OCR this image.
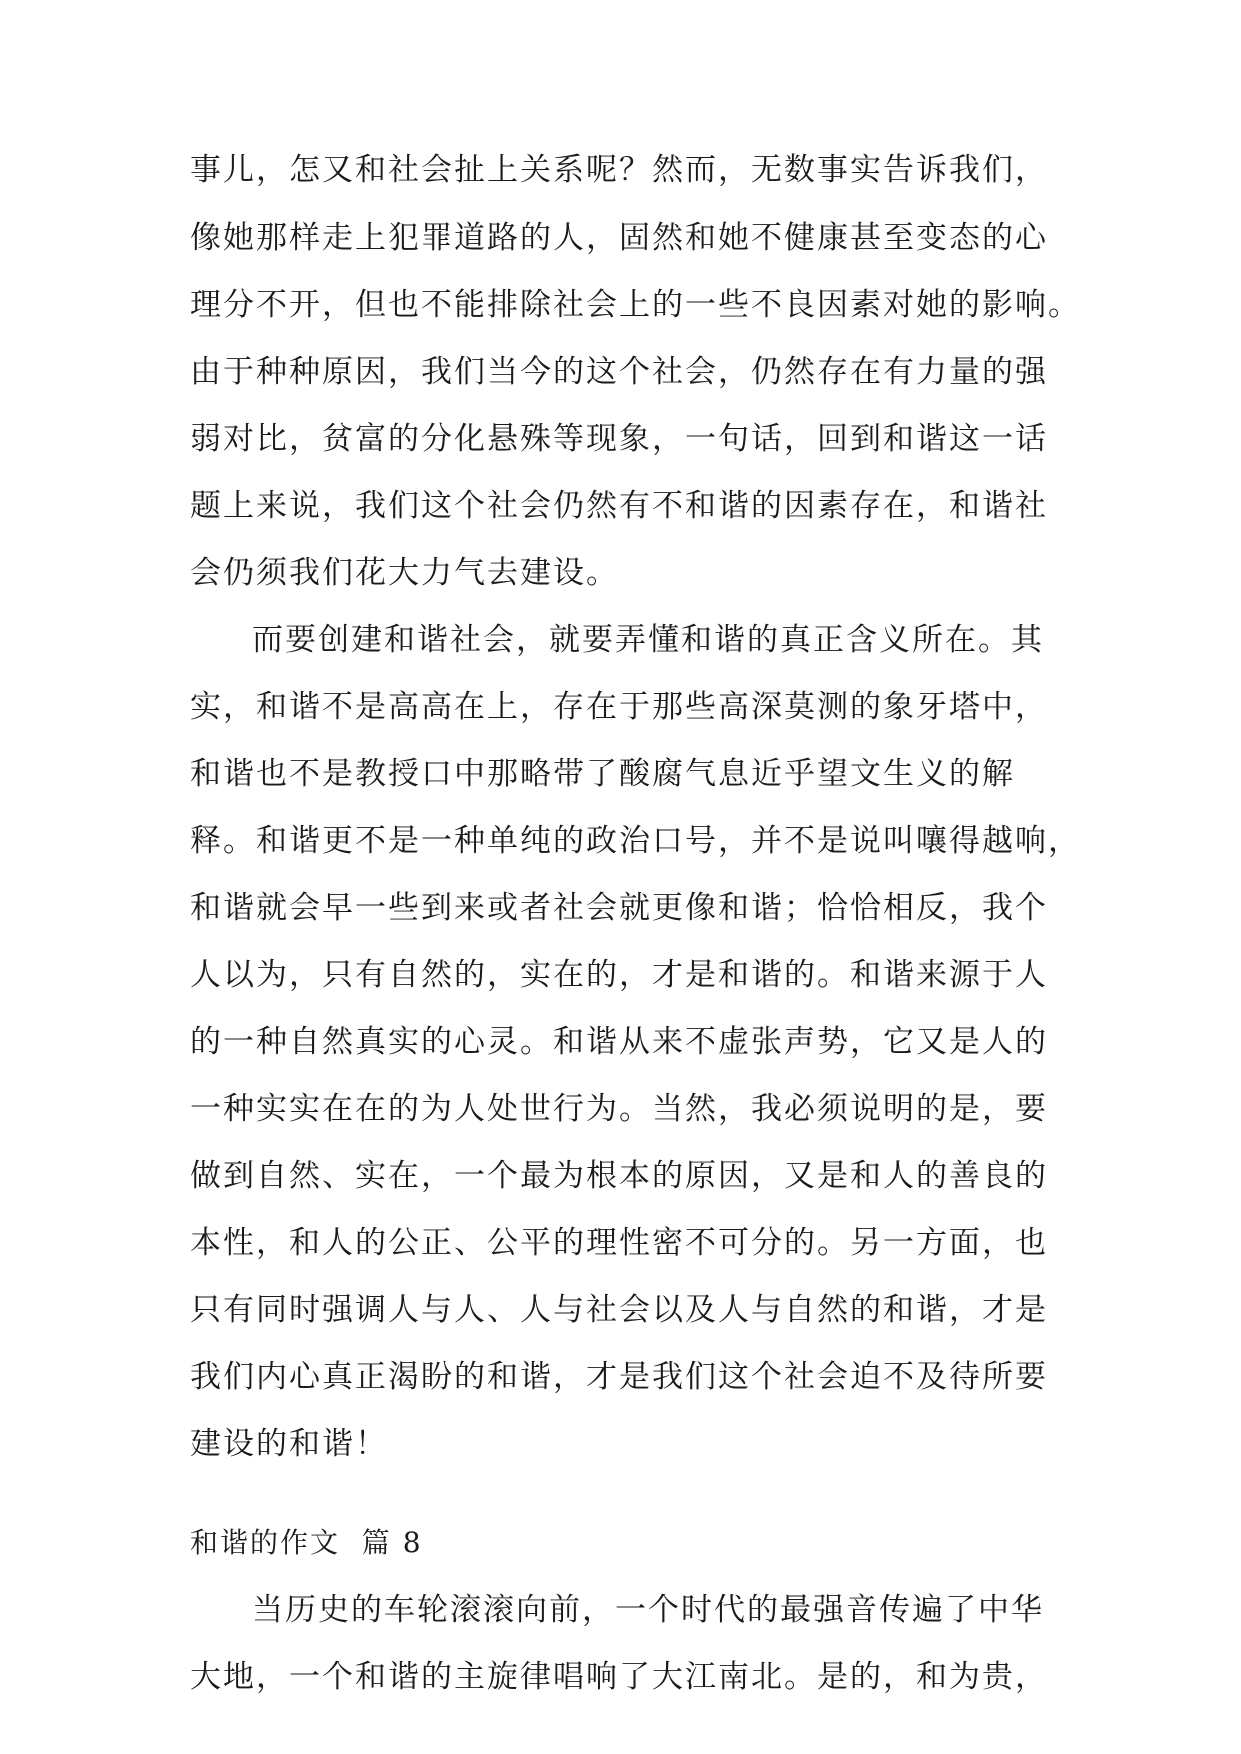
事儿，怎又和社会扯上关系呢？然而，无数事实告诉我们，
像她那样走上犯罪道路的人，固然和她不健康甚至变态的心
理分不开，但也不能排除社会上的一些不良因素对她的影响。
由于种种原因，我们当今的这个社会，仍然存在有力量的强
弱对比，贫富的分化悬殊等现象，一句话，回到和谐这一话
题上来说，我们这个社会仍然有不和谐的因素存在，和谐社
会仍须我们花大力气去建设。
而要创建和谐社会，就要弄懂和谐的真正含义所在。其
实，和谐不是高高在上，存在于那些高深莫测的象牙塔中，
和谐也不是教授口中那略带了酸腐气息近乎望文生义的解
释。和谐更不是一种单纯的政治口号，并不是说叫嚷得越响，
和谐就会早一些到来或者社会就更像和谐；恰恰相反，我个
人以为，只有自然的，实在的，才是和谐的。和谐来源于人
的一种自然真实的心灵。和谐从来不虚张声势，它又是人的
一种实实在在的为人处世行为。当然，我必须说明的是，要
做到自然、实在，一个最为根本的原因，又是和人的善良的
本性，和人的公正、公平的理性密不可分的。另一方面，也
只有同时强调人与人、人与社会以及人与自然的和谐，才是
我们内心真正渴盼的和谐，才是我们这个社会迫不及待所要
建设的和谐！
和谐的作文  篇 8
当历史的车轮滚滚向前，一个时代的最强音传遍了中华
大地，一个和谐的主旋律唱响了大江南北。是的，和为贵，
